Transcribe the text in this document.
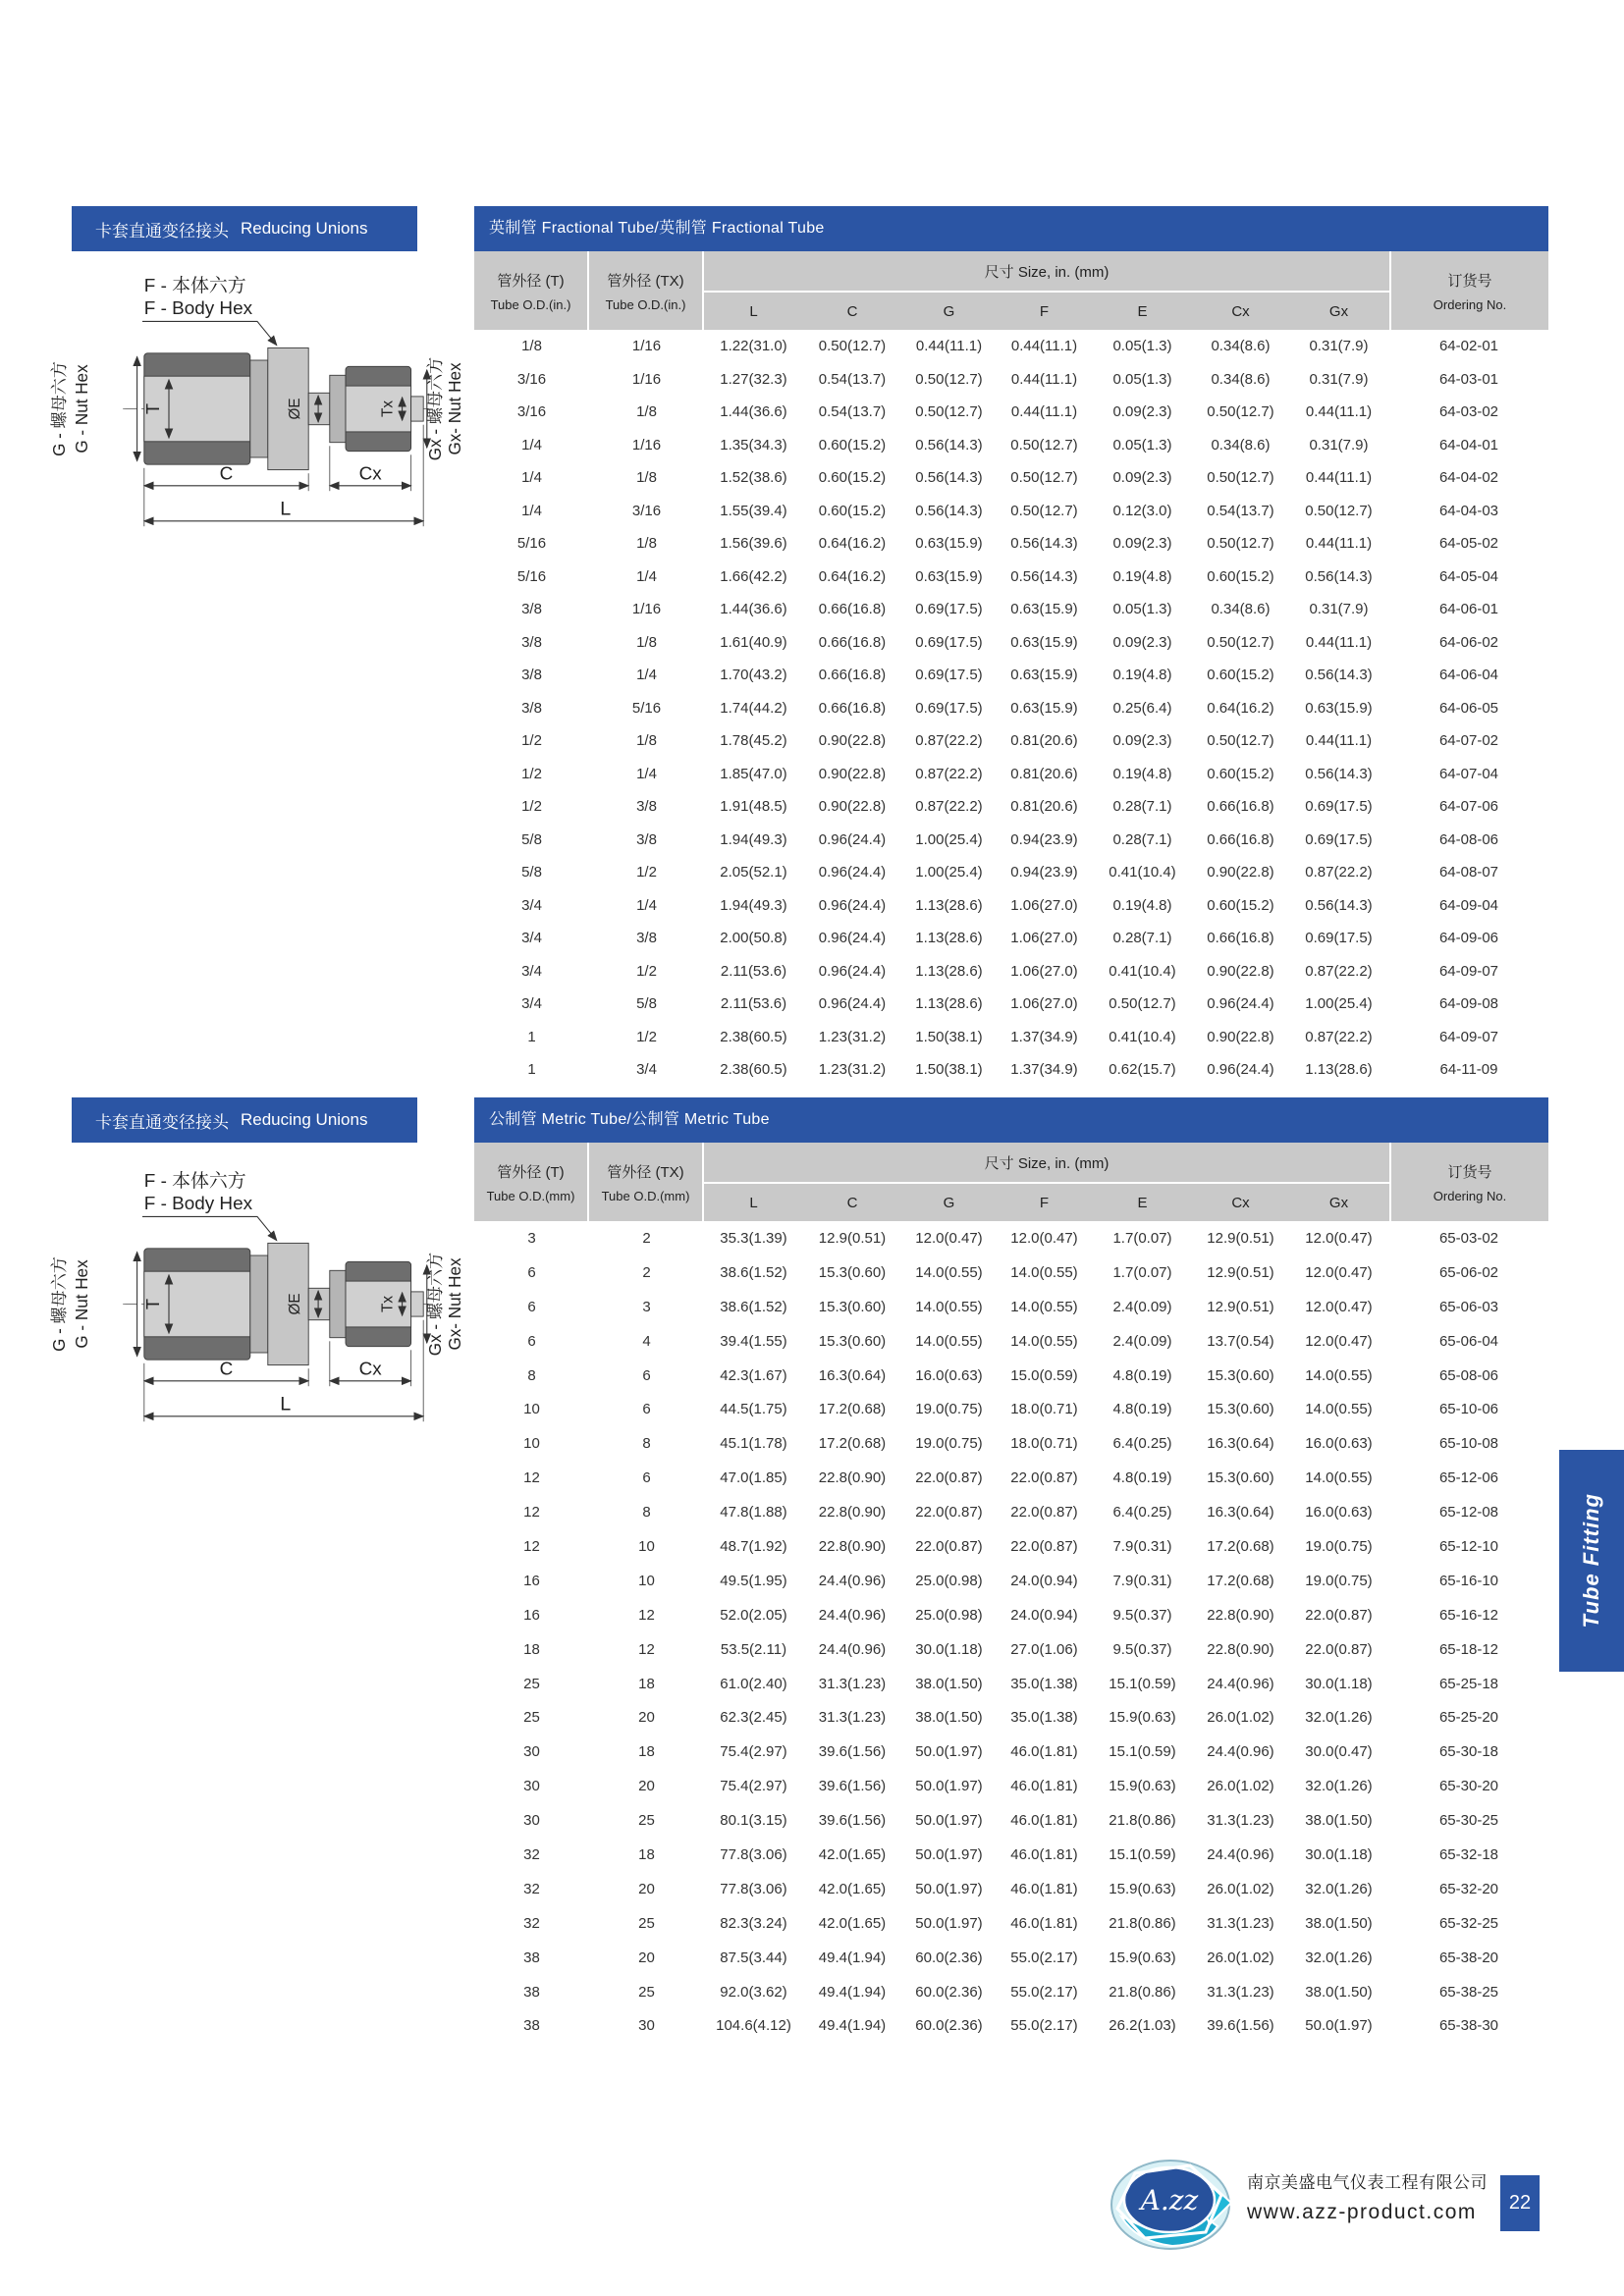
卡套直通变径接头 Reducing Unions
F - 本体六方
F - Body Hex
T	ØE	Tx
C	Cx
L
G - 螺母六方 G - Nut Hex	Gx - 螺母六方 Gx- Nut Hex
英制管 Fractional Tube/英制管 Fractional Tube
管外径 (T)
Tube O.D.(in.)
管外径 (TX)
Tube O.D.(in.)
尺寸 Size, in. (mm)
L	C	G	F	E	Cx	Gx
订货号
Ordering No.
1/8	1/16	1.22(31.0)	0.50(12.7)	0.44(11.1)	0.44(11.1)	0.05(1.3)	0.34(8.6)	0.31(7.9)	64-02-01
3/16	1/16	1.27(32.3)	0.54(13.7)	0.50(12.7)	0.44(11.1)	0.05(1.3)	0.34(8.6)	0.31(7.9)	64-03-01
3/16	1/8	1.44(36.6)	0.54(13.7)	0.50(12.7)	0.44(11.1)	0.09(2.3)	0.50(12.7)	0.44(11.1)	64-03-02
1/4	1/16	1.35(34.3)	0.60(15.2)	0.56(14.3)	0.50(12.7)	0.05(1.3)	0.34(8.6)	0.31(7.9)	64-04-01
1/4	1/8	1.52(38.6)	0.60(15.2)	0.56(14.3)	0.50(12.7)	0.09(2.3)	0.50(12.7)	0.44(11.1)	64-04-02
1/4	3/16	1.55(39.4)	0.60(15.2)	0.56(14.3)	0.50(12.7)	0.12(3.0)	0.54(13.7)	0.50(12.7)	64-04-03
5/16	1/8	1.56(39.6)	0.64(16.2)	0.63(15.9)	0.56(14.3)	0.09(2.3)	0.50(12.7)	0.44(11.1)	64-05-02
5/16	1/4	1.66(42.2)	0.64(16.2)	0.63(15.9)	0.56(14.3)	0.19(4.8)	0.60(15.2)	0.56(14.3)	64-05-04
3/8	1/16	1.44(36.6)	0.66(16.8)	0.69(17.5)	0.63(15.9)	0.05(1.3)	0.34(8.6)	0.31(7.9)	64-06-01
3/8	1/8	1.61(40.9)	0.66(16.8)	0.69(17.5)	0.63(15.9)	0.09(2.3)	0.50(12.7)	0.44(11.1)	64-06-02
3/8	1/4	1.70(43.2)	0.66(16.8)	0.69(17.5)	0.63(15.9)	0.19(4.8)	0.60(15.2)	0.56(14.3)	64-06-04
3/8	5/16	1.74(44.2)	0.66(16.8)	0.69(17.5)	0.63(15.9)	0.25(6.4)	0.64(16.2)	0.63(15.9)	64-06-05
1/2	1/8	1.78(45.2)	0.90(22.8)	0.87(22.2)	0.81(20.6)	0.09(2.3)	0.50(12.7)	0.44(11.1)	64-07-02
1/2	1/4	1.85(47.0)	0.90(22.8)	0.87(22.2)	0.81(20.6)	0.19(4.8)	0.60(15.2)	0.56(14.3)	64-07-04
1/2	3/8	1.91(48.5)	0.90(22.8)	0.87(22.2)	0.81(20.6)	0.28(7.1)	0.66(16.8)	0.69(17.5)	64-07-06
5/8	3/8	1.94(49.3)	0.96(24.4)	1.00(25.4)	0.94(23.9)	0.28(7.1)	0.66(16.8)	0.69(17.5)	64-08-06
5/8	1/2	2.05(52.1)	0.96(24.4)	1.00(25.4)	0.94(23.9)	0.41(10.4)	0.90(22.8)	0.87(22.2)	64-08-07
3/4	1/4	1.94(49.3)	0.96(24.4)	1.13(28.6)	1.06(27.0)	0.19(4.8)	0.60(15.2)	0.56(14.3)	64-09-04
3/4	3/8	2.00(50.8)	0.96(24.4)	1.13(28.6)	1.06(27.0)	0.28(7.1)	0.66(16.8)	0.69(17.5)	64-09-06
3/4	1/2	2.11(53.6)	0.96(24.4)	1.13(28.6)	1.06(27.0)	0.41(10.4)	0.90(22.8)	0.87(22.2)	64-09-07
3/4	5/8	2.11(53.6)	0.96(24.4)	1.13(28.6)	1.06(27.0)	0.50(12.7)	0.96(24.4)	1.00(25.4)	64-09-08
1	1/2	2.38(60.5)	1.23(31.2)	1.50(38.1)	1.37(34.9)	0.41(10.4)	0.90(22.8)	0.87(22.2)	64-09-07
1	3/4	2.38(60.5)	1.23(31.2)	1.50(38.1)	1.37(34.9)	0.62(15.7)	0.96(24.4)	1.13(28.6)	64-11-09
卡套直通变径接头 Reducing Unions
F - 本体六方
F - Body Hex
T	ØE	Tx
C	Cx
L
G - 螺母六方 G - Nut Hex	Gx - 螺母六方 Gx- Nut Hex
公制管 Metric Tube/公制管 Metric Tube
管外径 (T)
Tube O.D.(mm)
管外径 (TX)
Tube O.D.(mm)
尺寸 Size, in. (mm)
L	C	G	F	E	Cx	Gx
订货号
Ordering No.
3	2	35.3(1.39)	12.9(0.51)	12.0(0.47)	12.0(0.47)	1.7(0.07)	12.9(0.51)	12.0(0.47)	65-03-02
6	2	38.6(1.52)	15.3(0.60)	14.0(0.55)	14.0(0.55)	1.7(0.07)	12.9(0.51)	12.0(0.47)	65-06-02
6	3	38.6(1.52)	15.3(0.60)	14.0(0.55)	14.0(0.55)	2.4(0.09)	12.9(0.51)	12.0(0.47)	65-06-03
6	4	39.4(1.55)	15.3(0.60)	14.0(0.55)	14.0(0.55)	2.4(0.09)	13.7(0.54)	12.0(0.47)	65-06-04
8	6	42.3(1.67)	16.3(0.64)	16.0(0.63)	15.0(0.59)	4.8(0.19)	15.3(0.60)	14.0(0.55)	65-08-06
10	6	44.5(1.75)	17.2(0.68)	19.0(0.75)	18.0(0.71)	4.8(0.19)	15.3(0.60)	14.0(0.55)	65-10-06
10	8	45.1(1.78)	17.2(0.68)	19.0(0.75)	18.0(0.71)	6.4(0.25)	16.3(0.64)	16.0(0.63)	65-10-08
12	6	47.0(1.85)	22.8(0.90)	22.0(0.87)	22.0(0.87)	4.8(0.19)	15.3(0.60)	14.0(0.55)	65-12-06
12	8	47.8(1.88)	22.8(0.90)	22.0(0.87)	22.0(0.87)	6.4(0.25)	16.3(0.64)	16.0(0.63)	65-12-08
12	10	48.7(1.92)	22.8(0.90)	22.0(0.87)	22.0(0.87)	7.9(0.31)	17.2(0.68)	19.0(0.75)	65-12-10
16	10	49.5(1.95)	24.4(0.96)	25.0(0.98)	24.0(0.94)	7.9(0.31)	17.2(0.68)	19.0(0.75)	65-16-10
16	12	52.0(2.05)	24.4(0.96)	25.0(0.98)	24.0(0.94)	9.5(0.37)	22.8(0.90)	22.0(0.87)	65-16-12
18	12	53.5(2.11)	24.4(0.96)	30.0(1.18)	27.0(1.06)	9.5(0.37)	22.8(0.90)	22.0(0.87)	65-18-12
25	18	61.0(2.40)	31.3(1.23)	38.0(1.50)	35.0(1.38)	15.1(0.59)	24.4(0.96)	30.0(1.18)	65-25-18
25	20	62.3(2.45)	31.3(1.23)	38.0(1.50)	35.0(1.38)	15.9(0.63)	26.0(1.02)	32.0(1.26)	65-25-20
30	18	75.4(2.97)	39.6(1.56)	50.0(1.97)	46.0(1.81)	15.1(0.59)	24.4(0.96)	30.0(0.47)	65-30-18
30	20	75.4(2.97)	39.6(1.56)	50.0(1.97)	46.0(1.81)	15.9(0.63)	26.0(1.02)	32.0(1.26)	65-30-20
30	25	80.1(3.15)	39.6(1.56)	50.0(1.97)	46.0(1.81)	21.8(0.86)	31.3(1.23)	38.0(1.50)	65-30-25
32	18	77.8(3.06)	42.0(1.65)	50.0(1.97)	46.0(1.81)	15.1(0.59)	24.4(0.96)	30.0(1.18)	65-32-18
32	20	77.8(3.06)	42.0(1.65)	50.0(1.97)	46.0(1.81)	15.9(0.63)	26.0(1.02)	32.0(1.26)	65-32-20
32	25	82.3(3.24)	42.0(1.65)	50.0(1.97)	46.0(1.81)	21.8(0.86)	31.3(1.23)	38.0(1.50)	65-32-25
38	20	87.5(3.44)	49.4(1.94)	60.0(2.36)	55.0(2.17)	15.9(0.63)	26.0(1.02)	32.0(1.26)	65-38-20
38	25	92.0(3.62)	49.4(1.94)	60.0(2.36)	55.0(2.17)	21.8(0.86)	31.3(1.23)	38.0(1.50)	65-38-25
38	30	104.6(4.12)	49.4(1.94)	60.0(2.36)	55.0(2.17)	26.2(1.03)	39.6(1.56)	50.0(1.97)	65-38-30
Tube Fitting
A.zz
南京美盛电气仪表工程有限公司
www.azz-product.com	22
